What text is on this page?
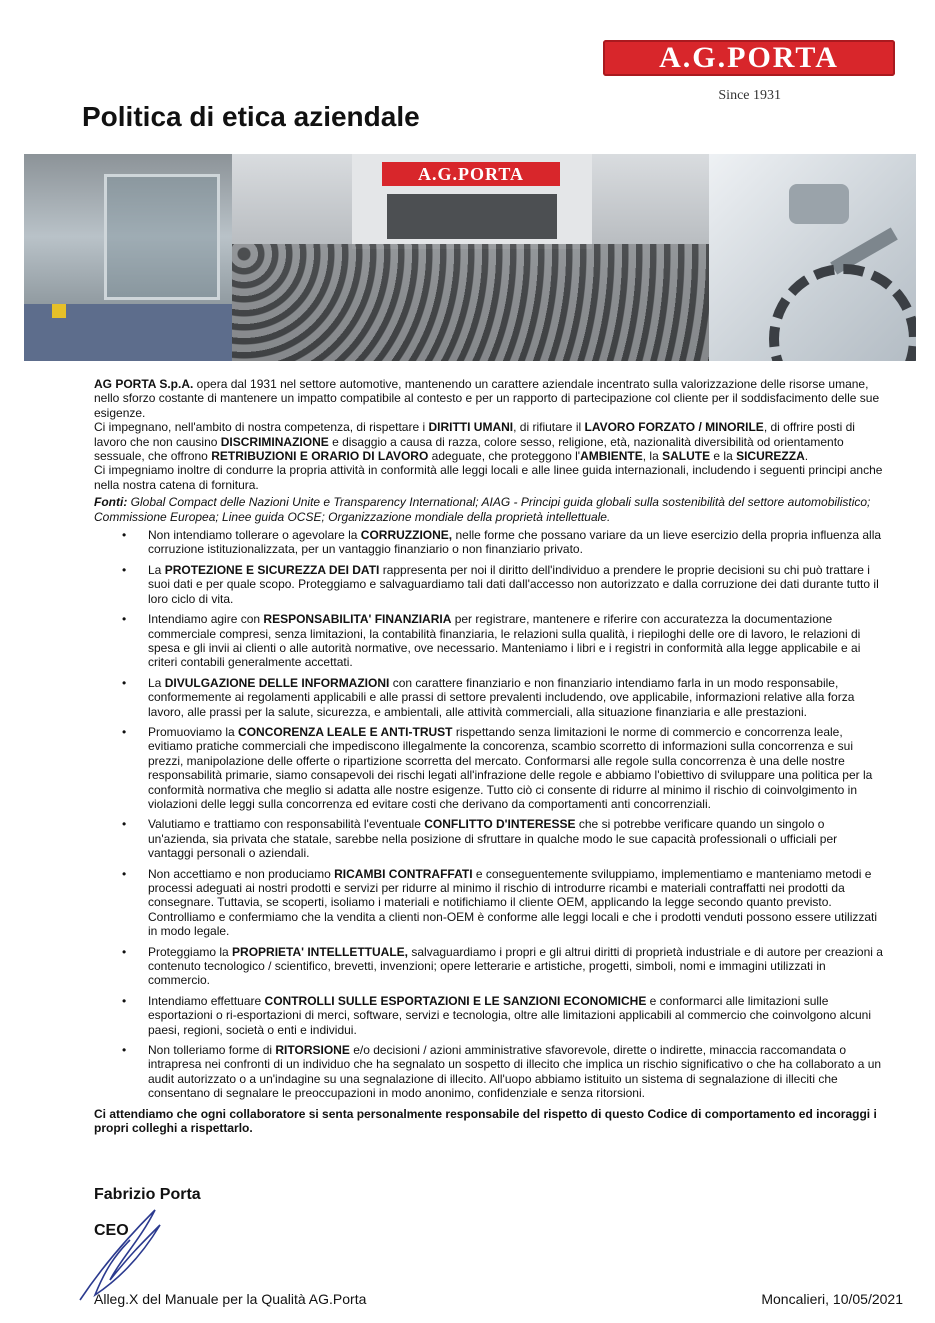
A.G.PORTA
Since 1931
Politica di etica aziendale
A.G.PORTA

AG PORTA S.p.A. opera dal 1931 nel settore automotive, mantenendo un carattere aziendale incentrato sulla valorizzazione delle risorse umane, nello sforzo costante di mantenere un impatto compatibile al contesto e per un rapporto di partecipazione col cliente per il soddisfacimento delle sue esigenze.

Ci impegnano, nell'ambito di nostra competenza, di rispettare i DIRITTI UMANI, di rifiutare il LAVORO FORZATO / MINORILE, di offrire posti di lavoro che non causino DISCRIMINAZIONE e disaggio a causa di razza, colore sesso, religione, età, nazionalità diversibilità od orientamento sessuale, che offrono RETRIBUZIONI E ORARIO DI LAVORO adeguate, che proteggono l'AMBIENTE, la SALUTE e la SICUREZZA.

Ci impegniamo inoltre di condurre la propria attività in conformità alle leggi locali e alle linee guida internazionali, includendo i seguenti principi anche nella nostra catena di fornitura.

Fonti: Global Compact delle Nazioni Unite e Transparency International; AIAG - Principi guida globali sulla sostenibilità del settore automobilistico; Commissione Europea; Linee guida OCSE; Organizzazione mondiale della proprietà intellettuale.

• Non intendiamo tollerare o agevolare la CORRUZZIONE, nelle forme che possano variare da un lieve esercizio della propria influenza alla corruzione istituzionalizzata, per un vantaggio finanziario o non finanziario privato.
• La PROTEZIONE E SICUREZZA DEI DATI rappresenta per noi il diritto dell'individuo a prendere le proprie decisioni su chi può trattare i suoi dati e per quale scopo. Proteggiamo e salvaguardiamo tali dati dall'accesso non autorizzato e dalla corruzione dei dati durante tutto il loro ciclo di vita.
• Intendiamo agire con RESPONSABILITA' FINANZIARIA per registrare, mantenere e riferire con accuratezza la documentazione commerciale compresi, senza limitazioni, la contabilità finanziaria, le relazioni sulla qualità, i riepiloghi delle ore di lavoro, le relazioni di spesa e gli invii ai clienti o alle autorità normative, ove necessario. Manteniamo i libri e i registri in conformità alla legge applicabile e ai criteri contabili generalmente accettati.
• La DIVULGAZIONE DELLE INFORMAZIONI con carattere finanziario e non finanziario intendiamo farla in un modo responsabile, conformemente ai regolamenti applicabili e alle prassi di settore prevalenti includendo, ove applicabile, informazioni relative alla forza lavoro, alle prassi per la salute, sicurezza, e ambientali, alle attività commerciali, alla situazione finanziaria e alle prestazioni.
• Promuoviamo la CONCORENZA LEALE E ANTI-TRUST rispettando senza limitazioni le norme di commercio e concorrenza leale, evitiamo pratiche commerciali che impediscono illegalmente la concorenza, scambio scorretto di informazioni sulla concorrenza e sui prezzi, manipolazione delle offerte o ripartizione scorretta del mercato. Conformarsi alle regole sulla concorrenza è una delle nostre responsabilità primarie, siamo consapevoli dei rischi legati all'infrazione delle regole e abbiamo l'obiettivo di sviluppare una politica per la conformità normativa che meglio si adatta alle nostre esigenze. Tutto ciò ci consente di ridurre al minimo il rischio di coinvolgimento in violazioni delle leggi sulla concorrenza ed evitare costi che derivano da comportamenti anti concorrenziali.
• Valutiamo e trattiamo con responsabilità l'eventuale CONFLITTO D'INTERESSE che si potrebbe verificare quando un singolo o un'azienda, sia privata che statale, sarebbe nella posizione di sfruttare in qualche modo le sue capacità professionali o ufficiali per vantaggi personali o aziendali.
• Non accettiamo e non produciamo RICAMBI CONTRAFFATI e conseguentemente sviluppiamo, implementiamo e manteniamo metodi e processi adeguati ai nostri prodotti e servizi per ridurre al minimo il rischio di introdurre ricambi e materiali contraffatti nei prodotti da consegnare. Tuttavia, se scoperti, isoliamo i materiali e notifichiamo il cliente OEM, applicando la legge secondo quanto previsto. Controlliamo e confermiamo che la vendita a clienti non-OEM è conforme alle leggi locali e che i prodotti venduti possono essere utilizzati in modo legale.
• Proteggiamo la PROPRIETA' INTELLETTUALE, salvaguardiamo i propri e gli altrui diritti di proprietà industriale e di autore per creazioni a contenuto tecnologico / scientifico, brevetti, invenzioni; opere letterarie e artistiche, progetti, simboli, nomi e immagini utilizzati in commercio.
• Intendiamo effettuare CONTROLLI SULLE ESPORTAZIONI E LE SANZIONI ECONOMICHE e conformarci alle limitazioni sulle esportazioni o ri-esportazioni di merci, software, servizi e tecnologia, oltre alle limitazioni applicabili al commercio che coinvolgono alcuni paesi, regioni, società o enti e individui.
• Non tolleriamo forme di RITORSIONE e/o decisioni / azioni amministrative sfavorevole, dirette o indirette, minaccia raccomandata o intrapresa nei confronti di un individuo che ha segnalato un sospetto di illecito che implica un rischio significativo o che ha collaborato a un audit autorizzato o a un'indagine su una segnalazione di illecito. All'uopo abbiamo istituito un sistema di segnalazione di illeciti che consentano di segnalare le preoccupazioni in modo anonimo, confidenziale e senza ritorsioni.

Ci attendiamo che ogni collaboratore si senta personalmente responsabile del rispetto di questo Codice di comportamento ed incoraggi i propri colleghi a rispettarlo.

Fabrizio Porta
CEO
Alleg.X del Manuale per la Qualità AG.Porta	Moncalieri, 10/05/2021
